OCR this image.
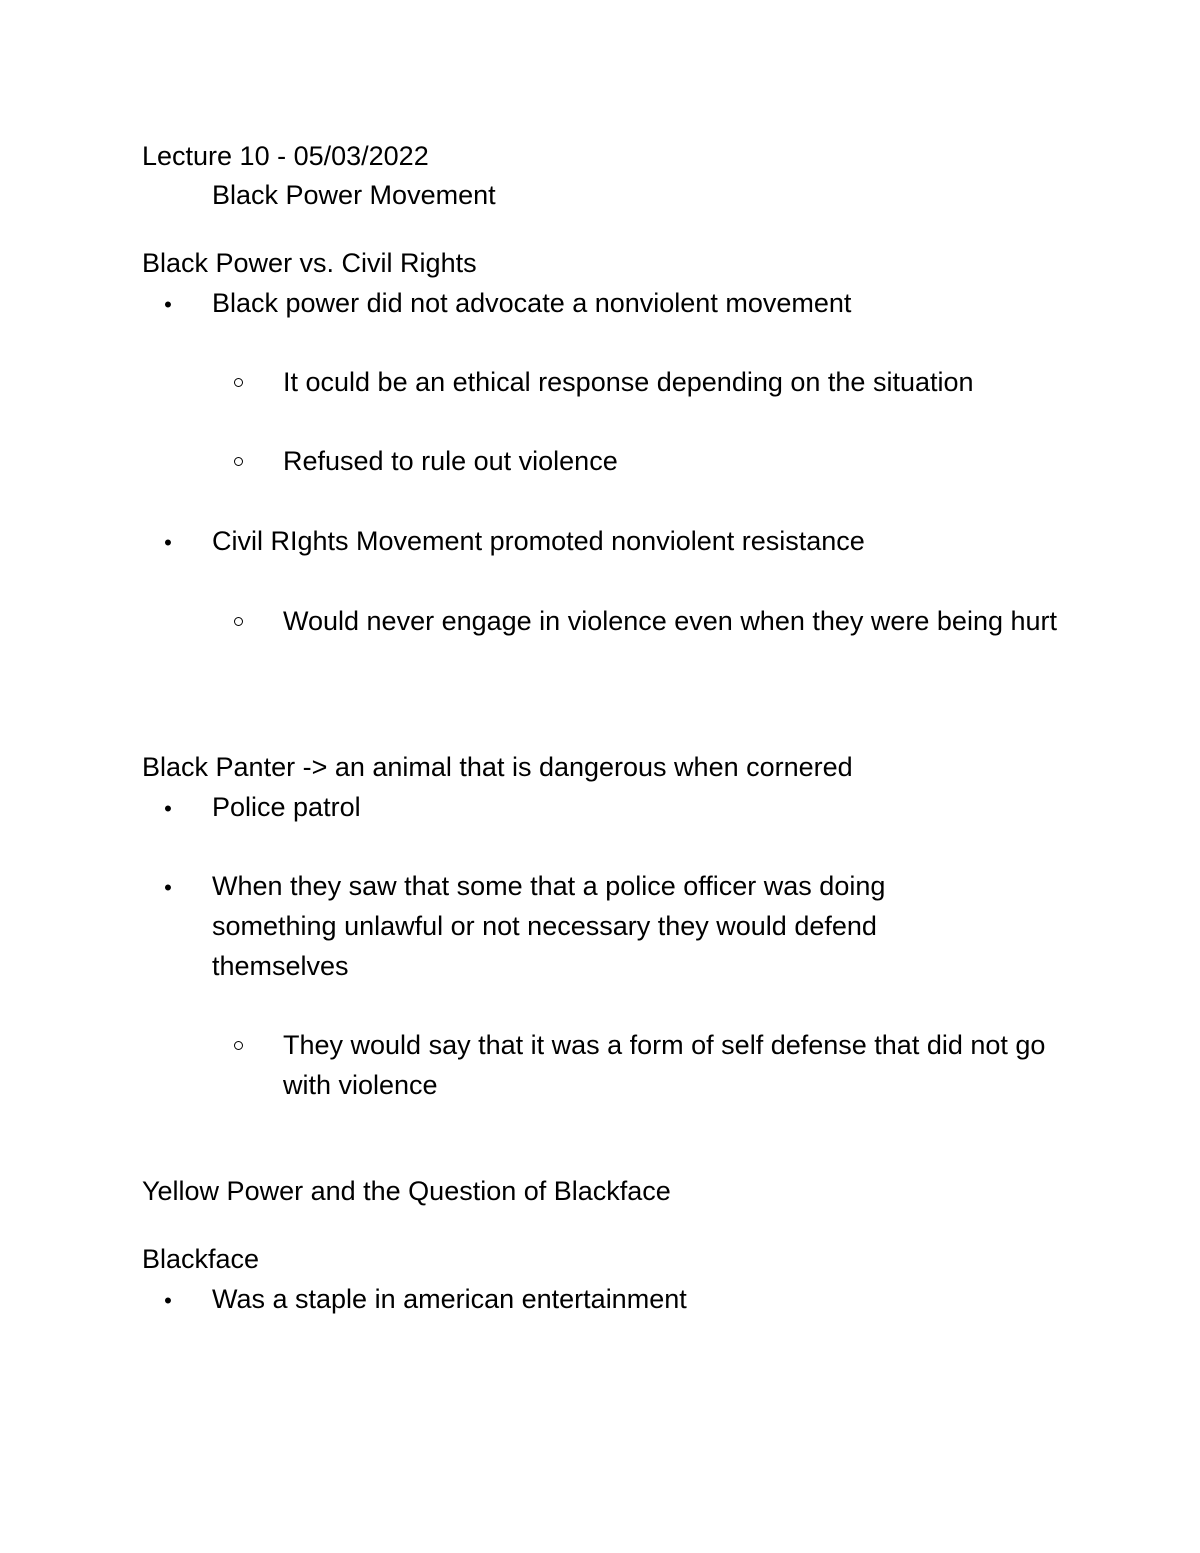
Lecture 10 - 05/03/2022
Black Power Movement
Black Power vs. Civil Rights
•
Black power did not advocate a nonviolent movement
It oculd be an ethical response depending on the situation
Refused to rule out violence
•
Civil RIghts Movement promoted nonviolent resistance
Would never engage in violence even when they were being hurt
Black Panter -> an animal that is dangerous when cornered
•
Police patrol
•
When they saw that some that a police officer was doing something unlawful or not necessary they would defend themselves
They would say that it was a form of self defense that did not go with violence
Yellow Power and the Question of Blackface
Blackface
•
Was a staple in american entertainment
